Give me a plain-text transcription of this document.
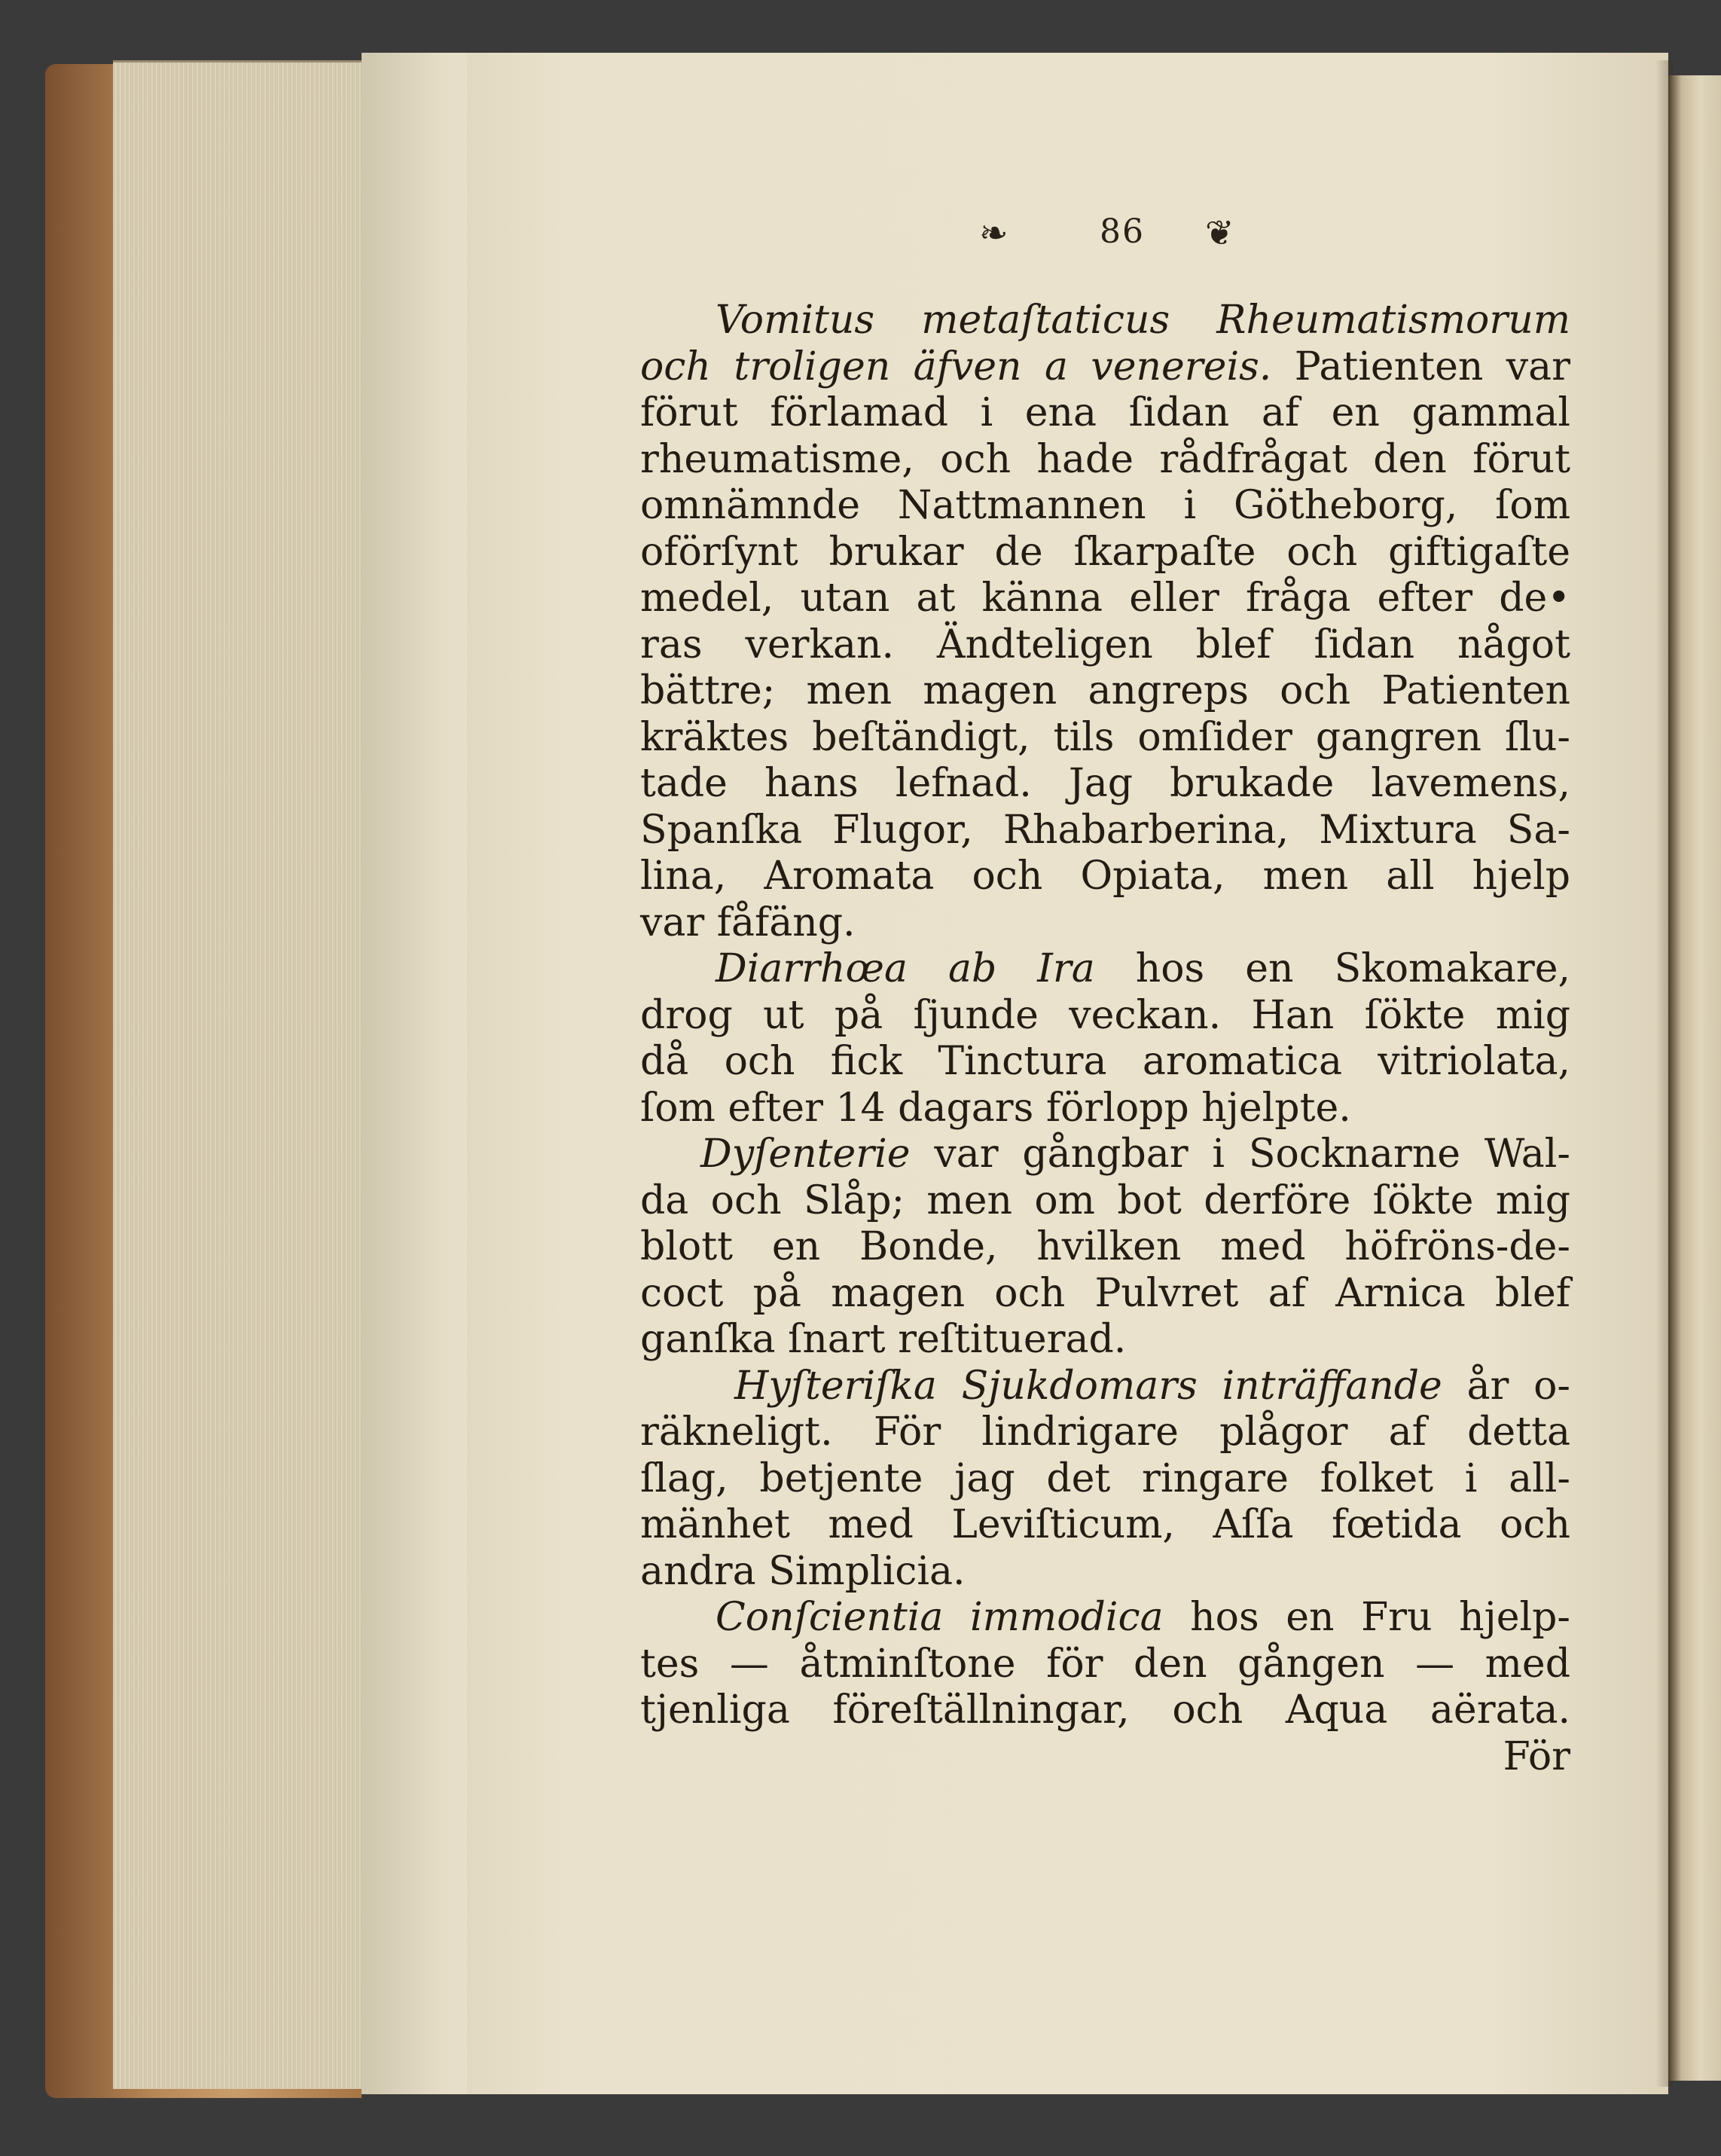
❧	86	❦
Vomitus metaſtaticus Rheumatismorum
och troligen äfven a venereis. Patienten var
förut förlamad i ena ſidan af en gammal
rheumatisme, och hade rådfrågat den förut
omnämnde Nattmannen i Götheborg, ſom
oförſynt brukar de ſkarpaſte och giftigaſte
medel, utan at känna eller fråga efter de•
ras verkan. Ändteligen blef ſidan något
bättre; men magen angreps och Patienten
kräktes beſtändigt, tils omſider gangren ſlu-
tade hans lefnad. Jag brukade lavemens,
Spanſka Flugor, Rhabarberina, Mixtura Sa-
lina, Aromata och Opiata, men all hjelp
var fåfäng.
Diarrhœa ab Ira hos en Skomakare,
drog ut på ſjunde veckan. Han ſökte mig
då och fick Tinctura aromatica vitriolata,
ſom efter 14 dagars förlopp hjelpte.
Dyſenterie var gångbar i Socknarne Wal-
da och Slåp; men om bot derföre ſökte mig
blott en Bonde, hvilken med höfröns-de-
coct på magen och Pulvret af Arnica blef
ganſka ſnart reſtituerad.
Hyſteriſka Sjukdomars inträffande år o-
räkneligt. För lindrigare plågor af detta
ſlag, betjente jag det ringare folket i all-
mänhet med Leviſticum, Aſſa fœtida och
andra Simplicia.
Conſcientia immodica hos en Fru hjelp-
tes — åtminſtone för den gången — med
tjenliga föreſtällningar, och Aqua aërata.
För
